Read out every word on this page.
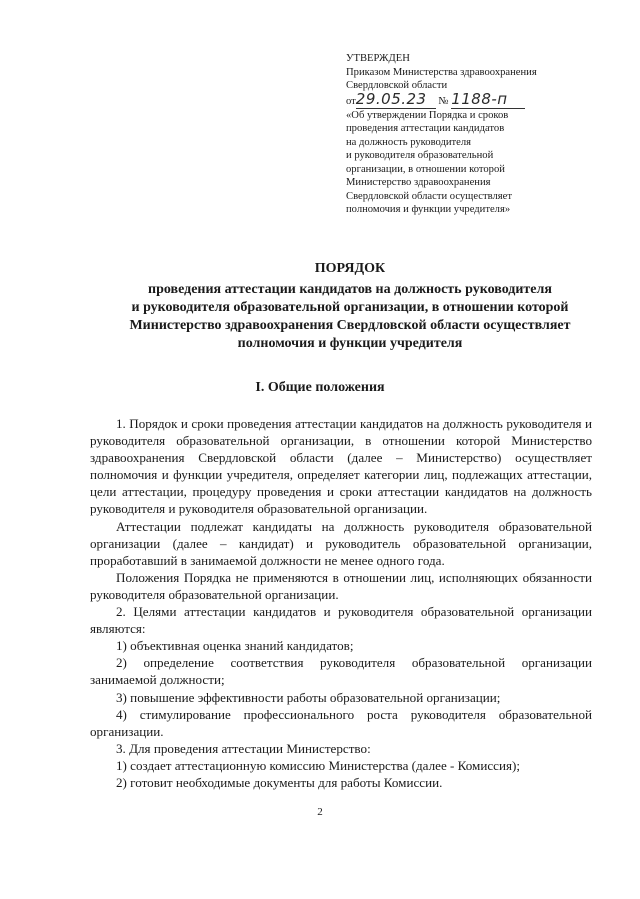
УТВЕРЖДЕН
Приказом Министерства здравоохранения
Свердловской области
от29.05.23 № 1188-п
«Об утверждении Порядка и сроков
проведения аттестации кандидатов
на должность руководителя
и руководителя образовательной
организации, в отношении которой
Министерство здравоохранения
Свердловской области осуществляет
полномочия и функции учредителя»
ПОРЯДОК
проведения аттестации кандидатов на должность руководителя
и руководителя образовательной организации, в отношении которой
Министерство здравоохранения Свердловской области осуществляет
полномочия и функции учредителя
I. Общие положения

1. Порядок и сроки проведения аттестации кандидатов на должность руководителя и руководителя образовательной организации, в отношении которой Министерство здравоохранения Свердловской области (далее – Министерство) осуществляет полномочия и функции учредителя, определяет категории лиц, подлежащих аттестации, цели аттестации, процедуру проведения и сроки аттестации кандидатов на должность руководителя и руководителя образовательной организации.

Аттестации подлежат кандидаты на должность руководителя образовательной организации (далее – кандидат) и руководитель образовательной организации, проработавший в занимаемой должности не менее одного года.

Положения Порядка не применяются в отношении лиц, исполняющих обязанности руководителя образовательной организации.

2. Целями аттестации кандидатов и руководителя образовательной организации являются:

1) объективная оценка знаний кандидатов;

2) определение соответствия руководителя образовательной организации занимаемой должности;

3) повышение эффективности работы образовательной организации;

4) стимулирование профессионального роста руководителя образовательной организации.

3. Для проведения аттестации Министерство:

1) создает аттестационную комиссию Министерства (далее - Комиссия);

2) готовит необходимые документы для работы Комиссии.

2
